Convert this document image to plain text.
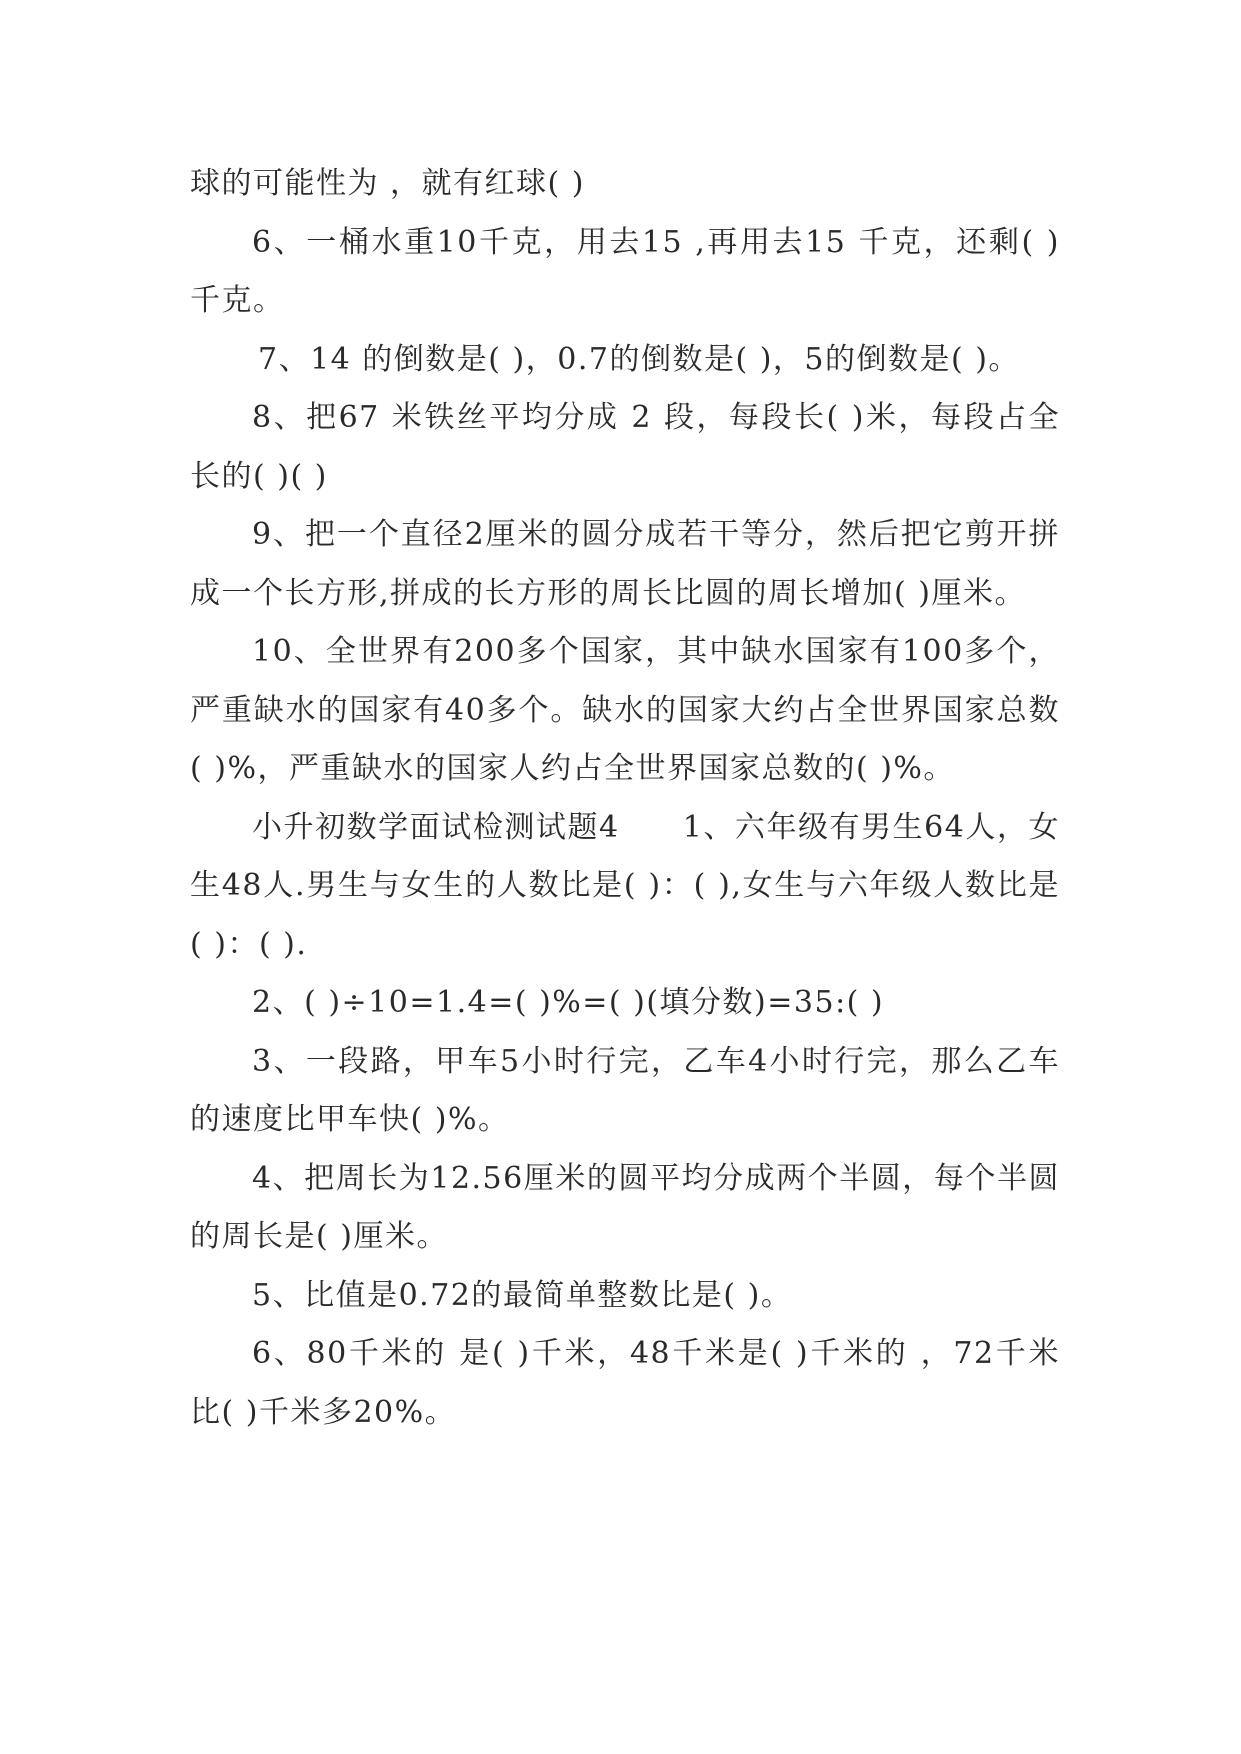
球的可能性为 ，就有红球( )

6、一桶水重10千克，用去15 ,再用去15 千克，还剩( )千克。

7、14 的倒数是( )，0.7的倒数是( )，5的倒数是( )。

8、把67 米铁丝平均分成 2 段，每段长( )米，每段占全长的( )( )

9、把一个直径2厘米的圆分成若干等分，然后把它剪开拼成一个长方形,拼成的长方形的周长比圆的周长增加( )厘米。

10、全世界有200多个国家，其中缺水国家有100多个，严重缺水的国家有40多个。缺水的国家大约占全世界国家总数( )%，严重缺水的国家人约占全世界国家总数的( )%。

小升初数学面试检测试题4　　1、六年级有男生64人，女生48人.男生与女生的人数比是( )：( ),女生与六年级人数比是( )：( ).

2、( )÷10=1.4=( )%=( )(填分数)=35:( )

3、一段路，甲车5小时行完，乙车4小时行完，那么乙车的速度比甲车快( )%。

4、把周长为12.56厘米的圆平均分成两个半圆，每个半圆的周长是( )厘米。

5、比值是0.72的最简单整数比是( )。

6、80千米的 是( )千米，48千米是( )千米的 ，72千米比( )千米多20%。
